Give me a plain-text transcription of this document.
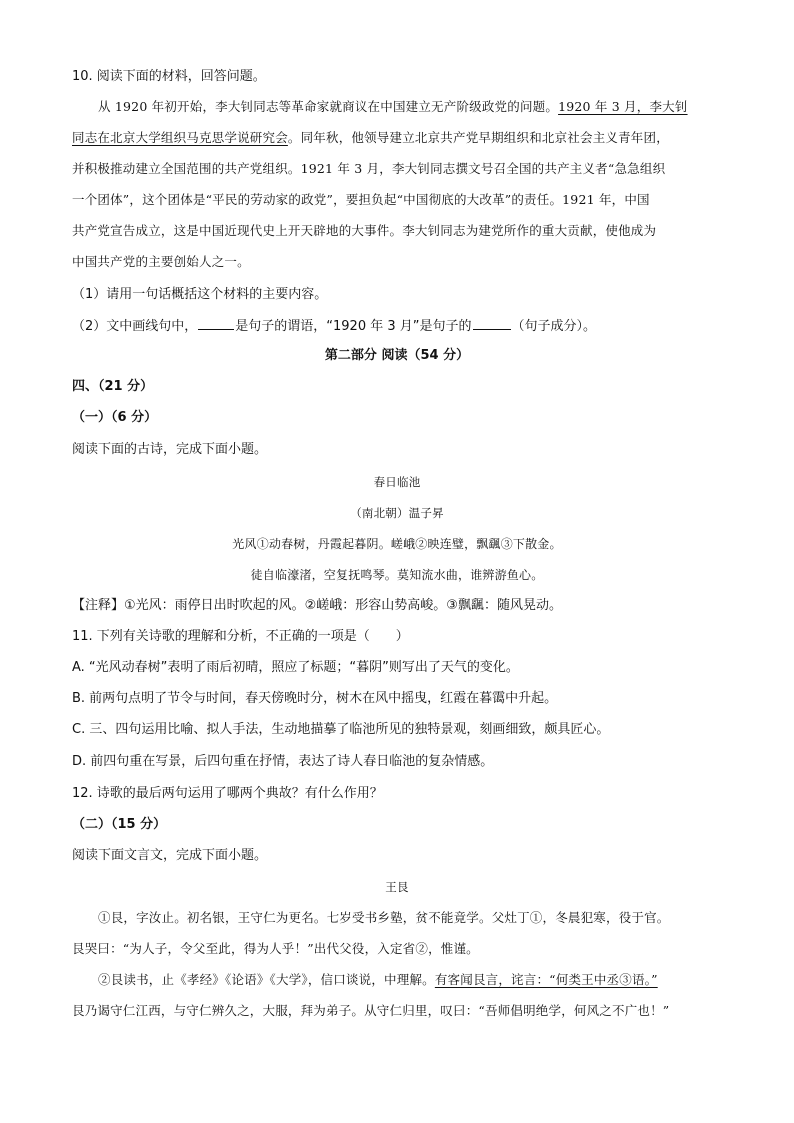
10. 阅读下面的材料，回答问题。
从 1920 年初开始，李大钊同志等革命家就商议在中国建立无产阶级政党的问题。1920 年 3 月，李大钊
同志在北京大学组织马克思学说研究会。同年秋，他领导建立北京共产党早期组织和北京社会主义青年团，
并积极推动建立全国范围的共产党组织。1921 年 3 月，李大钊同志撰文号召全国的共产主义者“急急组织
一个团体”，这个团体是“平民的劳动家的政党”，要担负起“中国彻底的大改革”的责任。1921 年，中国
共产党宣告成立，这是中国近现代史上开天辟地的大事件。李大钊同志为建党所作的重大贡献，使他成为
中国共产党的主要创始人之一。
（1）请用一句话概括这个材料的主要内容。
（2）文中画线句中，	是句子的谓语，“1920 年 3 月”是句子的	（句子成分）。
第二部分 阅读（54 分）
四、（21 分）
（一）（6 分）
阅读下面的古诗，完成下面小题。
春日临池
（南北朝）温子昇
光风①动春树，丹霞起暮阴。嵯峨②映连璧，飘颻③下散金。
徒自临濠渚，空复抚鸣琴。莫知流水曲，谁辨游鱼心。
【注释】①光风：雨停日出时吹起的风。②嵯峨：形容山势高峻。③飘颻：随风晃动。
11. 下列有关诗歌的理解和分析，不正确的一项是（　　）
A. “光风动春树”表明了雨后初晴，照应了标题；“暮阴”则写出了天气的变化。
B. 前两句点明了节令与时间，春天傍晚时分，树木在风中摇曳，红霞在暮霭中升起。
C. 三、四句运用比喻、拟人手法，生动地描摹了临池所见的独特景观，刻画细致，颇具匠心。
D. 前四句重在写景，后四句重在抒情，表达了诗人春日临池的复杂情感。
12. 诗歌的最后两句运用了哪两个典故？有什么作用？
（二）（15 分）
阅读下面文言文，完成下面小题。
王艮
①艮，字汝止。初名银，王守仁为更名。七岁受书乡塾，贫不能竟学。父灶丁①，冬晨犯寒，役于官。
艮哭曰：“为人子，令父至此，得为人乎！”出代父役，入定省②，惟谨。
②艮读书，止《孝经》《论语》《大学》，信口谈说，中理解。有客闻艮言，诧言：“何类王中丞③语。”
艮乃谒守仁江西，与守仁辨久之，大服，拜为弟子。从守仁归里，叹曰：“吾师倡明绝学，何风之不广也！”
